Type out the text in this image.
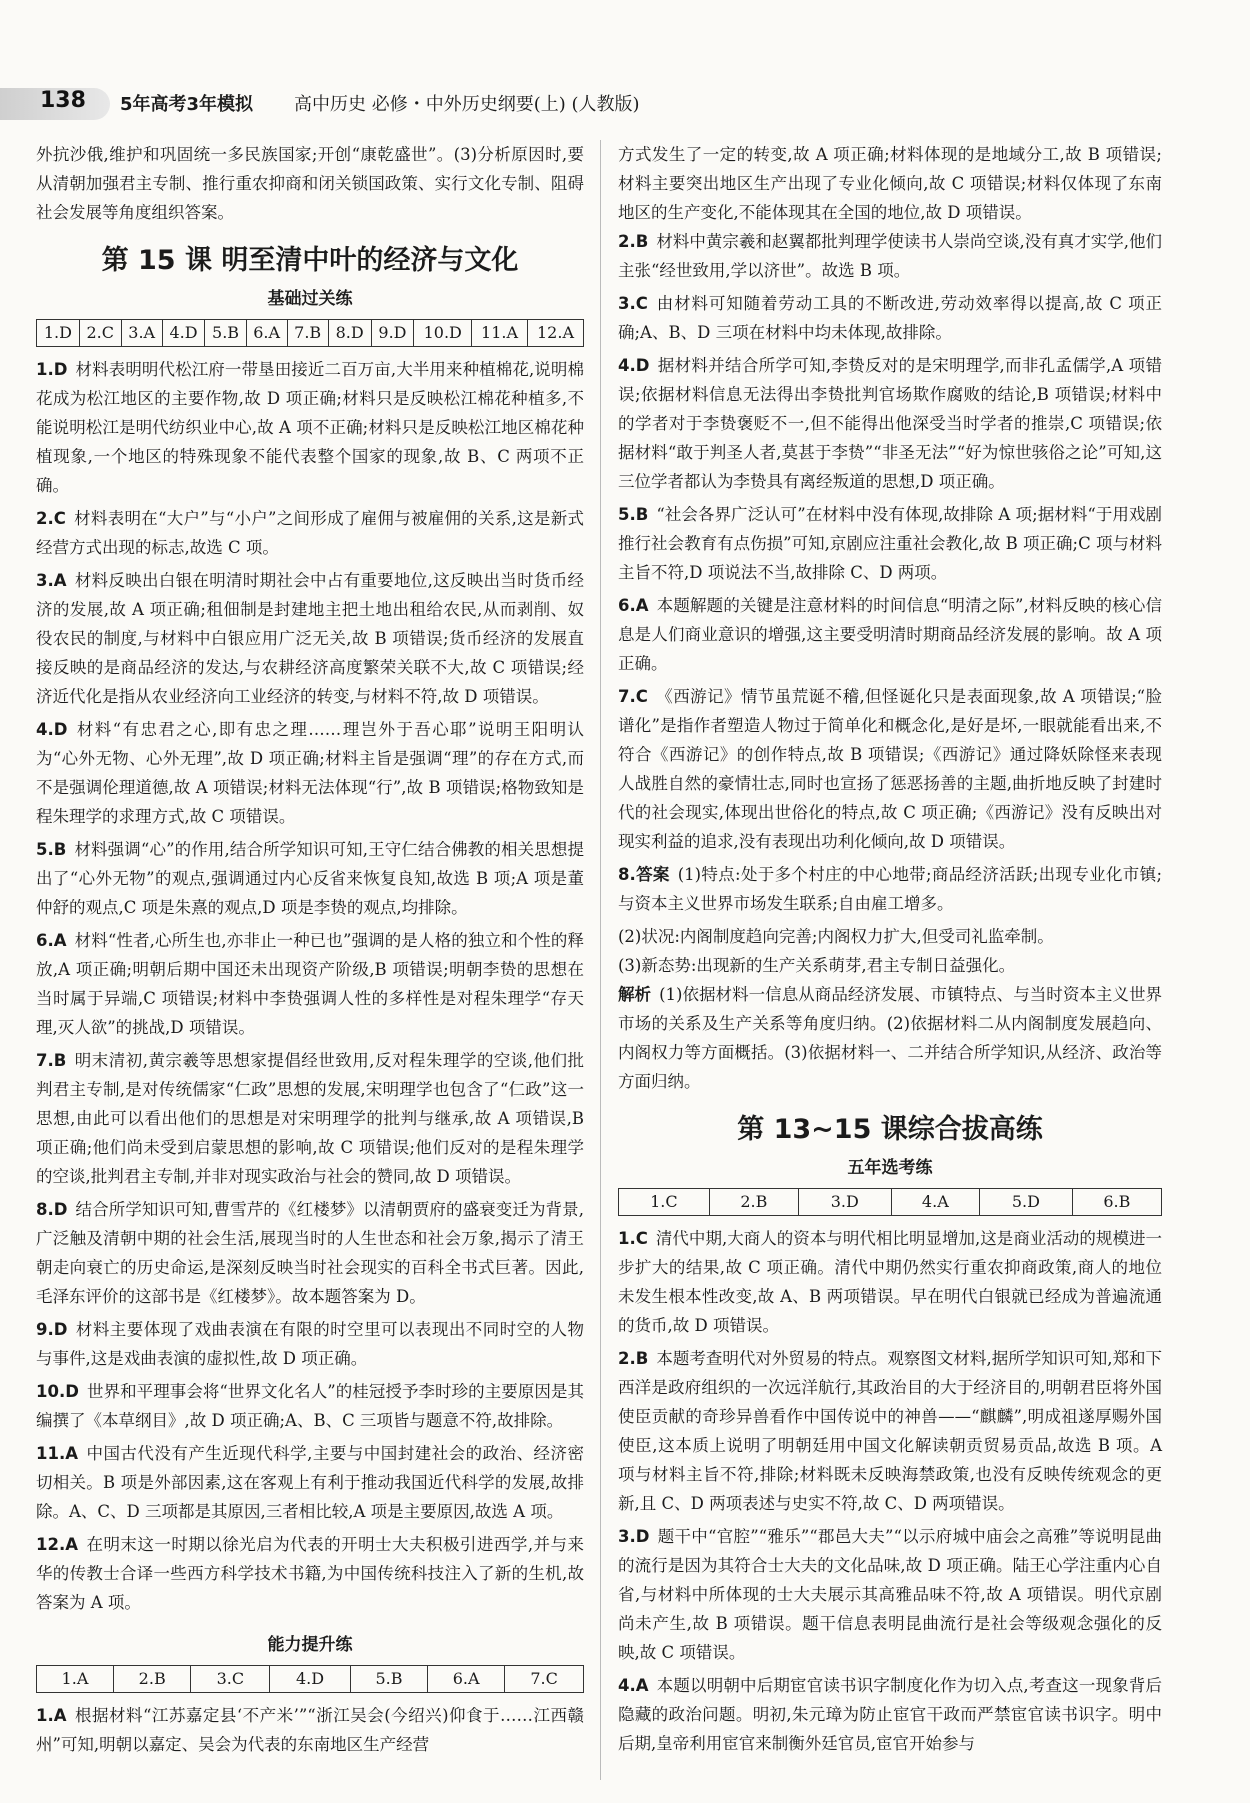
138 5年高考3年模拟 高中历史 必修・中外历史纲要(上) (人教版)

外抗沙俄,维护和巩固统一多民族国家;开创“康乾盛世”。(3)分析原因时,要从清朝加强君主专制、推行重农抑商和闭关锁国政策、实行文化专制、阻碍社会发展等角度组织答案。

第 15 课 明至清中叶的经济与文化
基础过关练
1.D	2.C	3.A	4.D	5.B	6.A	7.B	8.D	9.D	10.D	11.A	12.A
1.D 材料表明明代松江府一带垦田接近二百万亩,大半用来种植棉花,说明棉花成为松江地区的主要作物,故 D 项正确;材料只是反映松江棉花种植多,不能说明松江是明代纺织业中心,故 A 项不正确;材料只是反映松江地区棉花种植现象,一个地区的特殊现象不能代表整个国家的现象,故 B、C 两项不正确。
2.C 材料表明在“大户”与“小户”之间形成了雇佣与被雇佣的关系,这是新式经营方式出现的标志,故选 C 项。
3.A 材料反映出白银在明清时期社会中占有重要地位,这反映出当时货币经济的发展,故 A 项正确;租佃制是封建地主把土地出租给农民,从而剥削、奴役农民的制度,与材料中白银应用广泛无关,故 B 项错误;货币经济的发展直接反映的是商品经济的发达,与农耕经济高度繁荣关联不大,故 C 项错误;经济近代化是指从农业经济向工业经济的转变,与材料不符,故 D 项错误。
4.D 材料“有忠君之心,即有忠之理……理岂外于吾心耶”说明王阳明认为“心外无物、心外无理”,故 D 项正确;材料主旨是强调“理”的存在方式,而不是强调伦理道德,故 A 项错误;材料无法体现“行”,故 B 项错误;格物致知是程朱理学的求理方式,故 C 项错误。
5.B 材料强调“心”的作用,结合所学知识可知,王守仁结合佛教的相关思想提出了“心外无物”的观点,强调通过内心反省来恢复良知,故选 B 项;A 项是董仲舒的观点,C 项是朱熹的观点,D 项是李贽的观点,均排除。
6.A 材料“性者,心所生也,亦非止一种已也”强调的是人格的独立和个性的释放,A 项正确;明朝后期中国还未出现资产阶级,B 项错误;明朝李贽的思想在当时属于异端,C 项错误;材料中李贽强调人性的多样性是对程朱理学“存天理,灭人欲”的挑战,D 项错误。
7.B 明末清初,黄宗羲等思想家提倡经世致用,反对程朱理学的空谈,他们批判君主专制,是对传统儒家“仁政”思想的发展,宋明理学也包含了“仁政”这一思想,由此可以看出他们的思想是对宋明理学的批判与继承,故 A 项错误,B 项正确;他们尚未受到启蒙思想的影响,故 C 项错误;他们反对的是程朱理学的空谈,批判君主专制,并非对现实政治与社会的赞同,故 D 项错误。
8.D 结合所学知识可知,曹雪芹的《红楼梦》以清朝贾府的盛衰变迁为背景,广泛触及清朝中期的社会生活,展现当时的人生世态和社会万象,揭示了清王朝走向衰亡的历史命运,是深刻反映当时社会现实的百科全书式巨著。因此,毛泽东评价的这部书是《红楼梦》。故本题答案为 D。
9.D 材料主要体现了戏曲表演在有限的时空里可以表现出不同时空的人物与事件,这是戏曲表演的虚拟性,故 D 项正确。
10.D 世界和平理事会将“世界文化名人”的桂冠授予李时珍的主要原因是其编撰了《本草纲目》,故 D 项正确;A、B、C 三项皆与题意不符,故排除。
11.A 中国古代没有产生近现代科学,主要与中国封建社会的政治、经济密切相关。B 项是外部因素,这在客观上有利于推动我国近代科学的发展,故排除。A、C、D 三项都是其原因,三者相比较,A 项是主要原因,故选 A 项。
12.A 在明末这一时期以徐光启为代表的开明士大夫积极引进西学,并与来华的传教士合译一些西方科学技术书籍,为中国传统科技注入了新的生机,故答案为 A 项。
能力提升练
1.A	2.B	3.C	4.D	5.B	6.A	7.C
1.A 根据材料“江苏嘉定县‘不产米’”“浙江吴会(今绍兴)仰食于……江西赣州”可知,明朝以嘉定、吴会为代表的东南地区生产经营

方式发生了一定的转变,故 A 项正确;材料体现的是地域分工,故 B 项错误;材料主要突出地区生产出现了专业化倾向,故 C 项错误;材料仅体现了东南地区的生产变化,不能体现其在全国的地位,故 D 项错误。

2.B 材料中黄宗羲和赵翼都批判理学使读书人崇尚空谈,没有真才实学,他们主张“经世致用,学以济世”。故选 B 项。
3.C 由材料可知随着劳动工具的不断改进,劳动效率得以提高,故 C 项正确;A、B、D 三项在材料中均未体现,故排除。
4.D 据材料并结合所学可知,李贽反对的是宋明理学,而非孔孟儒学,A 项错误;依据材料信息无法得出李贽批判官场欺作腐败的结论,B 项错误;材料中的学者对于李贽褒贬不一,但不能得出他深受当时学者的推崇,C 项错误;依据材料“敢于判圣人者,莫甚于李贽”“非圣无法”“好为惊世骇俗之论”可知,这三位学者都认为李贽具有离经叛道的思想,D 项正确。
5.B “社会各界广泛认可”在材料中没有体现,故排除 A 项;据材料“于用戏剧推行社会教育有点伤损”可知,京剧应注重社会教化,故 B 项正确;C 项与材料主旨不符,D 项说法不当,故排除 C、D 两项。
6.A 本题解题的关键是注意材料的时间信息“明清之际”,材料反映的核心信息是人们商业意识的增强,这主要受明清时期商品经济发展的影响。故 A 项正确。
7.C 《西游记》情节虽荒诞不稽,但怪诞化只是表面现象,故 A 项错误;“脸谱化”是指作者塑造人物过于简单化和概念化,是好是坏,一眼就能看出来,不符合《西游记》的创作特点,故 B 项错误;《西游记》通过降妖除怪来表现人战胜自然的豪情壮志,同时也宣扬了惩恶扬善的主题,曲折地反映了封建时代的社会现实,体现出世俗化的特点,故 C 项正确;《西游记》没有反映出对现实利益的追求,没有表现出功利化倾向,故 D 项错误。
8.答案 (1)特点:处于多个村庄的中心地带;商品经济活跃;出现专业化市镇;与资本主义世界市场发生联系;自由雇工增多。

(2)状况:内阁制度趋向完善;内阁权力扩大,但受司礼监牵制。

(3)新态势:出现新的生产关系萌芽,君主专制日益强化。

解析 (1)依据材料一信息从商品经济发展、市镇特点、与当时资本主义世界市场的关系及生产关系等角度归纳。(2)依据材料二从内阁制度发展趋向、内阁权力等方面概括。(3)依据材料一、二并结合所学知识,从经济、政治等方面归纳。
第 13~15 课综合拔高练
五年选考练
1.C	2.B	3.D	4.A	5.D	6.B
1.C 清代中期,大商人的资本与明代相比明显增加,这是商业活动的规模进一步扩大的结果,故 C 项正确。清代中期仍然实行重农抑商政策,商人的地位未发生根本性改变,故 A、B 两项错误。早在明代白银就已经成为普遍流通的货币,故 D 项错误。
2.B 本题考查明代对外贸易的特点。观察图文材料,据所学知识可知,郑和下西洋是政府组织的一次远洋航行,其政治目的大于经济目的,明朝君臣将外国使臣贡献的奇珍异兽看作中国传说中的神兽——“麒麟”,明成祖遂厚赐外国使臣,这本质上说明了明朝廷用中国文化解读朝贡贸易贡品,故选 B 项。A 项与材料主旨不符,排除;材料既未反映海禁政策,也没有反映传统观念的更新,且 C、D 两项表述与史实不符,故 C、D 两项错误。
3.D 题干中“官腔”“雅乐”“郡邑大夫”“以示府城中庙会之高雅”等说明昆曲的流行是因为其符合士大夫的文化品味,故 D 项正确。陆王心学注重内心自省,与材料中所体现的士大夫展示其高雅品味不符,故 A 项错误。明代京剧尚未产生,故 B 项错误。题干信息表明昆曲流行是社会等级观念强化的反映,故 C 项错误。
4.A 本题以明朝中后期宦官读书识字制度化作为切入点,考查这一现象背后隐藏的政治问题。明初,朱元璋为防止宦官干政而严禁宦官读书识字。明中后期,皇帝利用宦官来制衡外廷官员,宦官开始参与
